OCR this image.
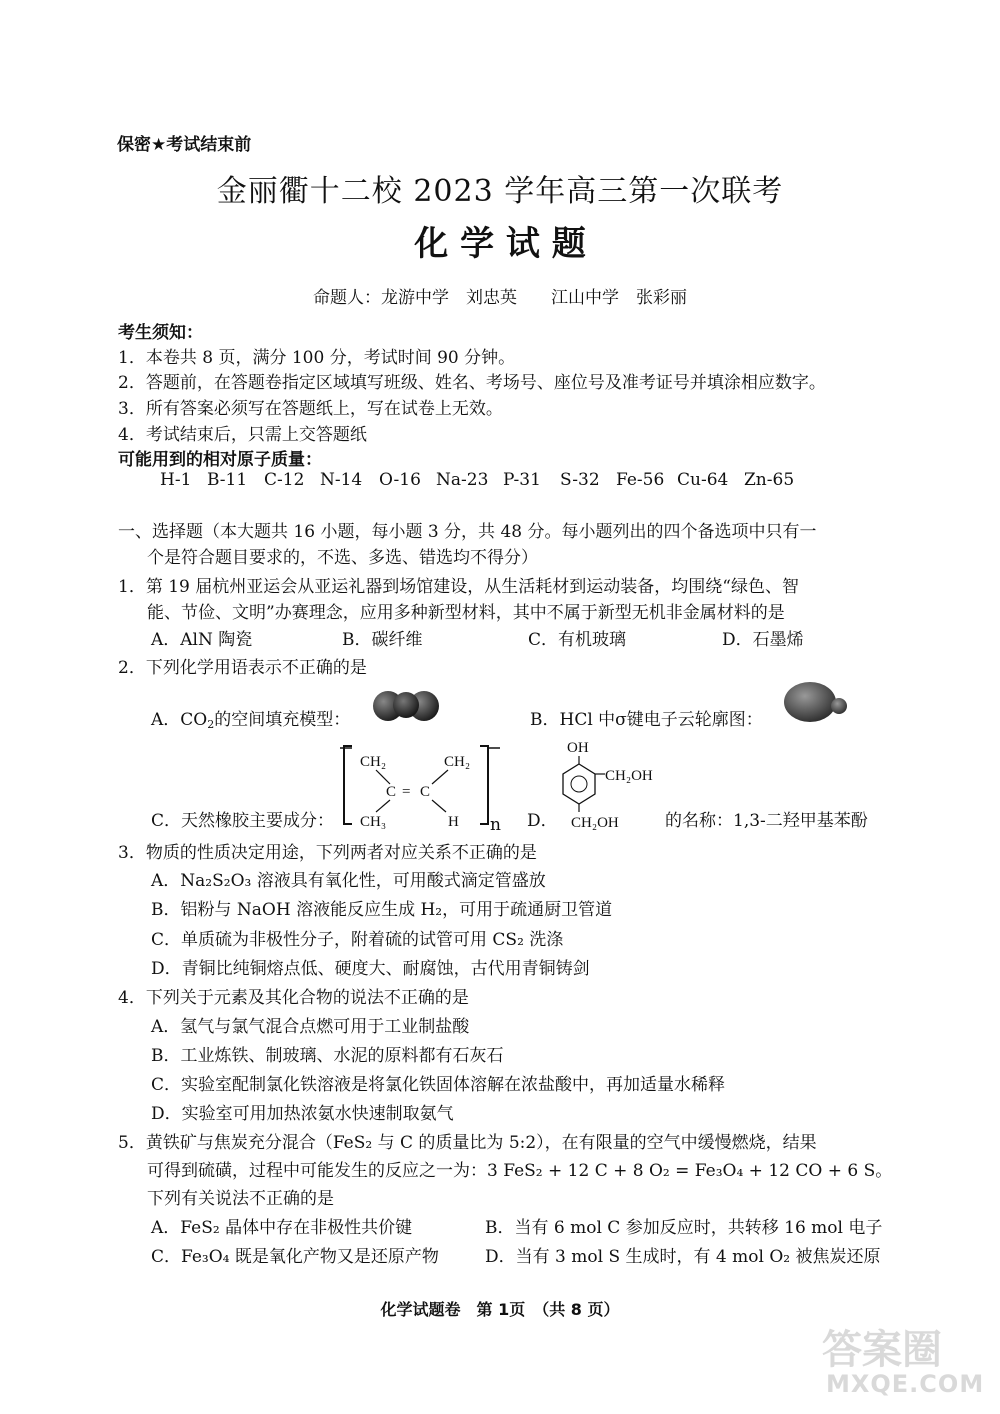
保密★考试结束前
金丽衢十二校 2023 学年高三第一次联考
化 学 试 题
命题人：龙游中学　刘忠英　　江山中学　张彩丽
考生须知：
1．本卷共 8 页，满分 100 分，考试时间 90 分钟。
2．答题前，在答题卷指定区域填写班级、姓名、考场号、座位号及准考证号并填涂相应数字。
3．所有答案必须写在答题纸上，写在试卷上无效。
4．考试结束后，只需上交答题纸
可能用到的相对原子质量：
H-1 B-11 C-12 N-14 O-16 Na-23 P-31 S-32 Fe-56 Cu-64 Zn-65
一、选择题（本大题共 16 小题，每小题 3 分，共 48 分。每小题列出的四个备选项中只有一
个是符合题目要求的，不选、多选、错选均不得分）
1．第 19 届杭州亚运会从亚运礼器到场馆建设，从生活耗材到运动装备，均围绕“绿色、智
能、节俭、文明”办赛理念，应用多种新型材料，其中不属于新型无机非金属材料的是
A．AlN 陶瓷	B．碳纤维	C．有机玻璃	D．石墨烯
2．下列化学用语表示不正确的是
A．$CO_2$的空间填充模型：	B．HCl 中σ键电子云轮廓图：
C．天然橡胶主要成分：
CH₂	CH₂
C = C
CH₃	H n D．
OH
CH₂OH
CH₂OH	的名称：1,3-二羟甲基苯酚
3．物质的性质决定用途，下列两者对应关系不正确的是
A．Na₂S₂O₃ 溶液具有氧化性，可用酸式滴定管盛放
B．铝粉与 NaOH 溶液能反应生成 H₂，可用于疏通厨卫管道
C．单质硫为非极性分子，附着硫的试管可用 CS₂ 洗涤
D．青铜比纯铜熔点低、硬度大、耐腐蚀，古代用青铜铸剑
4．下列关于元素及其化合物的说法不正确的是
A．氢气与氯气混合点燃可用于工业制盐酸
B．工业炼铁、制玻璃、水泥的原料都有石灰石
C．实验室配制氯化铁溶液是将氯化铁固体溶解在浓盐酸中，再加适量水稀释
D．实验室可用加热浓氨水快速制取氨气
5．黄铁矿与焦炭充分混合（FeS₂ 与 C 的质量比为 5:2），在有限量的空气中缓慢燃烧，结果
可得到硫磺，过程中可能发生的反应之一为：3 FeS₂ + 12 C + 8 O₂ = Fe₃O₄ + 12 CO + 6 S。
下列有关说法不正确的是
A．FeS₂ 晶体中存在非极性共价键	B．当有 6 mol C 参加反应时，共转移 16 mol 电子
C．Fe₃O₄ 既是氧化产物又是还原产物	D．当有 3 mol S 生成时，有 4 mol O₂ 被焦炭还原
化学试题卷　第 1页　（共 8 页）
答案圈
MXQE.COM
